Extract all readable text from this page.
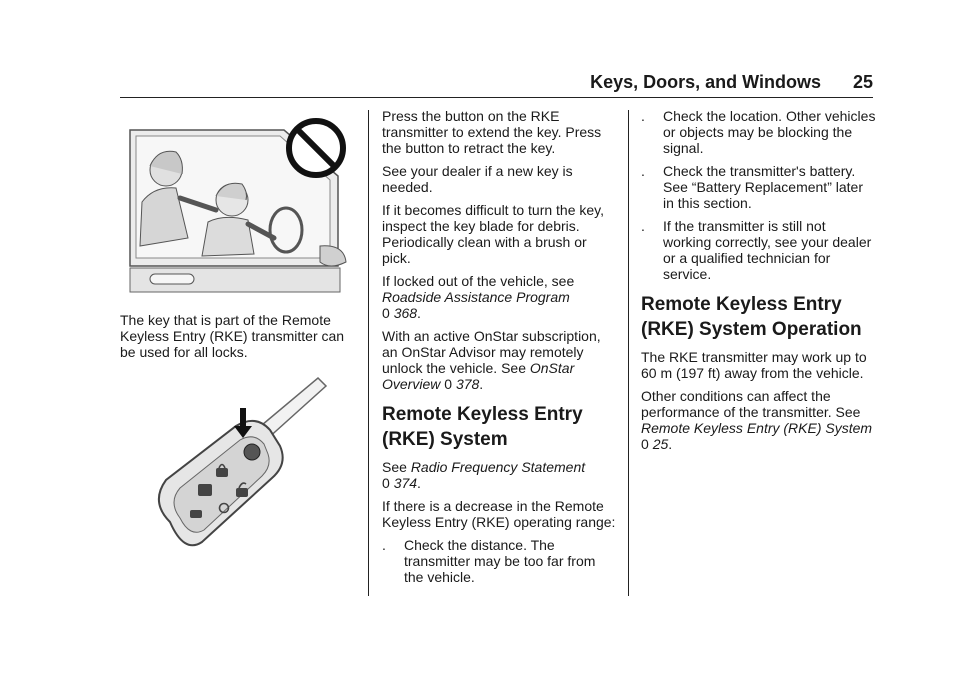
Keys, Doors, and Windows 25

The key that is part of the Remote Keyless Entry (RKE) transmitter can be used for all locks.

Press the button on the RKE transmitter to extend the key. Press the button to retract the key.

See your dealer if a new key is needed.

If it becomes difficult to turn the key, inspect the key blade for debris. Periodically clean with a brush or pick.

If locked out of the vehicle, see Roadside Assistance Program
0 368.

With an active OnStar subscription, an OnStar Advisor may remotely unlock the vehicle. See OnStar Overview 0 378.

Remote Keyless Entry (RKE) System

See Radio Frequency Statement
0 374.

If there is a decrease in the Remote Keyless Entry (RKE) operating range:

.	Check the distance. The transmitter may be too far from the vehicle.
.	Check the location. Other vehicles or objects may be blocking the signal.
.	Check the transmitter's battery. See “Battery Replacement” later in this section.
.	If the transmitter is still not working correctly, see your dealer or a qualified technician for service.
Remote Keyless Entry (RKE) System Operation

The RKE transmitter may work up to 60 m (197 ft) away from the vehicle.

Other conditions can affect the performance of the transmitter. See Remote Keyless Entry (RKE) System 0 25.
